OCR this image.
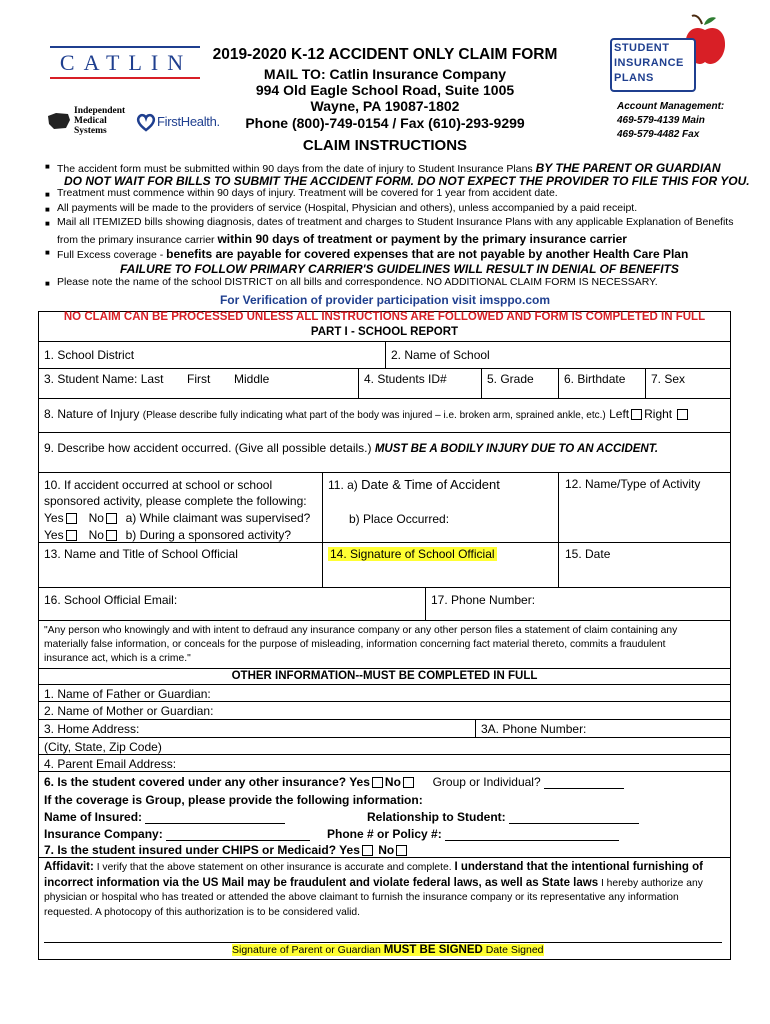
CATLIN
Independent Medical Systems
FirstHealth.
2019-2020 K-12 ACCIDENT ONLY CLAIM FORM
MAIL TO: Catlin Insurance Company
994 Old Eagle School Road, Suite 1005
Wayne, PA 19087-1802
Phone (800)-749-0154 / Fax (610)-293-9299
CLAIM INSTRUCTIONS
STUDENT
INSURANCE
PLANS
Account Management:
469-579-4139 Main
469-579-4482 Fax
■ The accident form must be submitted within 90 days from the date of injury to Student Insurance Plans BY THE PARENT OR GUARDIAN
DO NOT WAIT FOR BILLS TO SUBMIT THE ACCIDENT FORM. DO NOT EXPECT THE PROVIDER TO FILE THIS FOR YOU.
■ Treatment must commence within 90 days of injury. Treatment will be covered for 1 year from accident date.
■ All payments will be made to the providers of service (Hospital, Physician and others), unless accompanied by a paid receipt.
■ Mail all ITEMIZED bills showing diagnosis, dates of treatment and charges to Student Insurance Plans with any applicable Explanation of Benefits
from the primary insurance carrier within 90 days of treatment or payment by the primary insurance carrier
■ Full Excess coverage - benefits are payable for covered expenses that are not payable by another Health Care Plan
FAILURE TO FOLLOW PRIMARY CARRIER'S GUIDELINES WILL RESULT IN DENIAL OF BENEFITS
■ Please note the name of the school DISTRICT on all bills and correspondence. NO ADDITIONAL CLAIM FORM IS NECESSARY.
For Verification of provider participation visit imsppo.com
NO CLAIM CAN BE PROCESSED UNLESS ALL INSTRUCTIONS ARE FOLLOWED AND FORM IS COMPLETED IN FULL
PART I - SCHOOL REPORT
1. School District	2. Name of School
3. Student Name: Last First Middle	4. Students ID#	5. Grade	6. Birthdate 7. Sex
8. Nature of Injury (Please describe fully indicating what part of the body was injured – i.e. broken arm, sprained ankle, etc.) Left Right
9. Describe how accident occurred. (Give all possible details.) MUST BE A BODILY INJURY DUE TO AN ACCIDENT.
10. If accident occurred at school or school
sponsored activity, please complete the following:
Yes No a) While claimant was supervised?
Yes No b) During a sponsored activity?
11. a) Date & Time of Accident
b) Place Occurred:
12. Name/Type of Activity
13. Name and Title of School Official	14. Signature of School Official	15. Date
16. School Official Email:	17. Phone Number:
"Any person who knowingly and with intent to defraud any insurance company or any other person files a statement of claim containing any
materially false information, or conceals for the purpose of misleading, information concerning fact material thereto, commits a fraudulent
insurance act, which is a crime."
OTHER INFORMATION--MUST BE COMPLETED IN FULL
1. Name of Father or Guardian:
2. Name of Mother or Guardian:
3. Home Address:	3A. Phone Number:
(City, State, Zip Code)
4. Parent Email Address:
6. Is the student covered under any other insurance? Yes No	Group or Individual?
If the coverage is Group, please provide the following information:
Name of Insured:	Relationship to Student:
Insurance Company:	Phone # or Policy #:
7. Is the student insured under CHIPS or Medicaid? Yes No
Affidavit: I verify that the above statement on other insurance is accurate and complete. I understand that the intentional furnishing of
incorrect information via the US Mail may be fraudulent and violate federal laws, as well as State laws I hereby authorize any
physician or hospital who has treated or attended the above claimant to furnish the insurance company or its representative any information
requested. A photocopy of this authorization is to be considered valid.
Signature of Parent or Guardian MUST BE SIGNED Date Signed
